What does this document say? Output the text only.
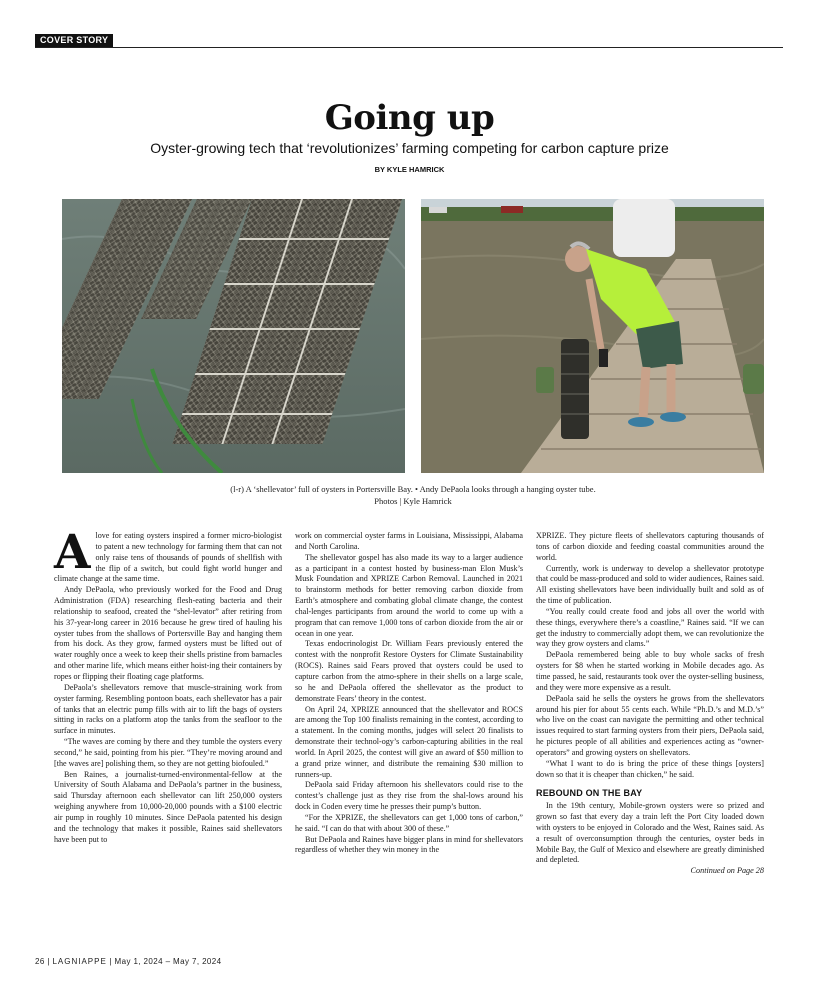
COVER STORY
Going up
Oyster-growing tech that ‘revolutionizes’ farming competing for carbon capture prize
BY KYLE HAMRICK
(l-r) A ‘shellevator’ full of oysters in Portersville Bay. • Andy DePaola looks through a hanging oyster tube.
Photos | Kyle Hamrick

Alove for eating oysters inspired a former micro-biologist to patent a new technology for farming them that can not only raise tens of thousands of pounds of shellfish with the flip of a switch, but could fight world hunger and climate change at the same time.

Andy DePaola, who previously worked for the Food and Drug Administration (FDA) researching flesh-eating bacteria and their relationship to seafood, created the “shel-levator” after retiring from his 37-year-long career in 2016 because he grew tired of hauling his oyster tubes from the shallows of Portersville Bay and hanging them from his dock. As they grow, farmed oysters must be lifted out of water roughly once a week to keep their shells pristine from barnacles and other marine life, which means either hoist-ing their containers by ropes or flipping their floating cage platforms.

DePaola’s shellevators remove that muscle-straining work from oyster farming. Resembling pontoon boats, each shellevator has a pair of tanks that an electric pump fills with air to lift the bags of oysters sitting in racks on a platform atop the tanks from the seafloor to the surface in minutes.

“The waves are coming by there and they tumble the oysters every second,” he said, pointing from his pier. “They’re moving around and [the waves are] polishing them, so they are not getting biofouled.”

Ben Raines, a journalist-turned-environmental-fellow at the University of South Alabama and DePaola’s partner in the business, said Thursday afternoon each shellevator can lift 250,000 oysters weighing anywhere from 10,000-20,000 pounds with a $100 electric air pump in roughly 10 minutes. Since DePaola patented his design and the technology that makes it possible, Raines said shellevators have been put to

work on commercial oyster farms in Louisiana, Mississippi, Alabama and North Carolina.

The shellevator gospel has also made its way to a larger audience as a participant in a contest hosted by business-man Elon Musk’s Musk Foundation and XPRIZE Carbon Removal. Launched in 2021 to brainstorm methods for better removing carbon dioxide from Earth’s atmosphere and combating global climate change, the contest chal-lenges participants from around the world to come up with a program that can remove 1,000 tons of carbon dioxide from the air or ocean in one year.

Texas endocrinologist Dr. William Fears previously entered the contest with the nonprofit Restore Oysters for Climate Sustainability (ROCS). Raines said Fears proved that oysters could be used to capture carbon from the atmo-sphere in their shells on a large scale, so he and DePaola offered the shellevator as the product to demonstrate Fears’ theory in the contest.

On April 24, XPRIZE announced that the shellevator and ROCS are among the Top 100 finalists remaining in the contest, according to a statement. In the coming months, judges will select 20 finalists to demonstrate their technol-ogy’s carbon-capturing abilities in the real world. In April 2025, the contest will give an award of $50 million to a grand prize winner, and distribute the remaining $30 million to runners-up.

DePaola said Friday afternoon his shellevators could rise to the contest’s challenge just as they rise from the shal-lows around his dock in Coden every time he presses their pump’s button.

“For the XPRIZE, the shellevators can get 1,000 tons of carbon,” he said. “I can do that with about 300 of these.”

But DePaola and Raines have bigger plans in mind for shellevators regardless of whether they win money in the

XPRIZE. They picture fleets of shellevators capturing thousands of tons of carbon dioxide and feeding coastal communities around the world.

Currently, work is underway to develop a shellevator prototype that could be mass-produced and sold to wider audiences, Raines said. All existing shellevators have been individually built and sold as of the time of publication.

“You really could create food and jobs all over the world with these things, everywhere there’s a coastline,” Raines said. “If we can get the industry to commercially adopt them, we can revolutionize the way they grow oysters and clams.”

DePaola remembered being able to buy whole sacks of fresh oysters for $8 when he started working in Mobile decades ago. As time passed, he said, restaurants took over the oyster-selling business, and they were more expensive as a result.

DePaola said he sells the oysters he grows from the shellevators around his pier for about 55 cents each. While “Ph.D.’s and M.D.’s” who live on the coast can navigate the permitting and other technical issues required to start farming oysters from their piers, DePaola said, he pictures people of all abilities and experiences acting as “owner-operators” and growing oysters on shellevators.

“What I want to do is bring the price of these things [oysters] down so that it is cheaper than chicken,” he said.

REBOUND ON THE BAY

In the 19th century, Mobile-grown oysters were so prized and grown so fast that every day a train left the Port City loaded down with oysters to be enjoyed in Colorado and the West, Raines said. As a result of overconsumption through the centuries, oyster beds in Mobile Bay, the Gulf of Mexico and elsewhere are greatly diminished and depleted.

Continued on Page 28

26 | LAGNIAPPE | May 1, 2024 – May 7, 2024
